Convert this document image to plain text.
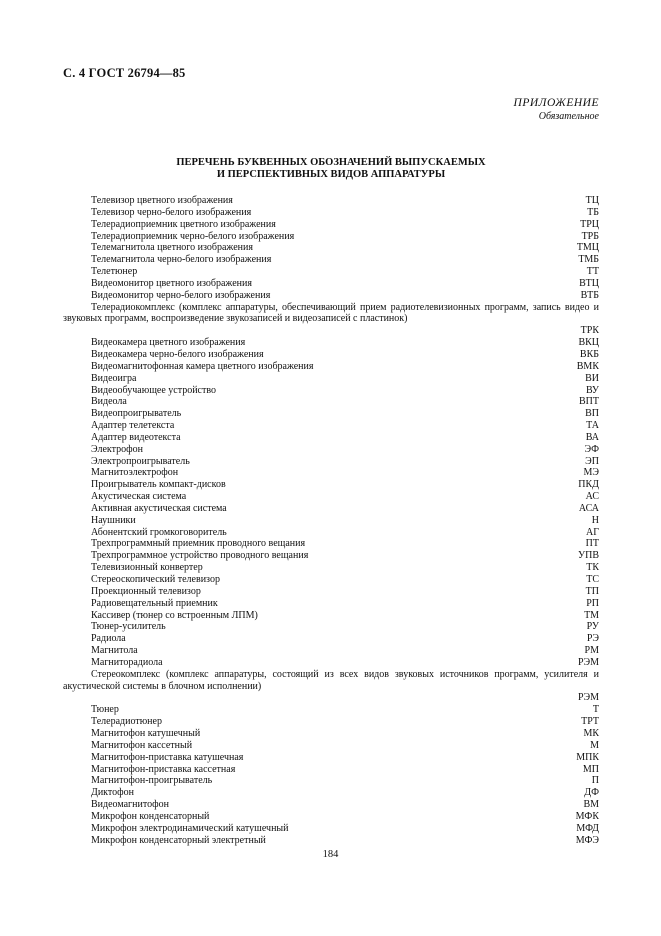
С. 4 ГОСТ 26794—85
ПРИЛОЖЕНИЕ
Обязательное
ПЕРЕЧЕНЬ БУКВЕННЫХ ОБОЗНАЧЕНИЙ ВЫПУСКАЕМЫХ
И ПЕРСПЕКТИВНЫХ ВИДОВ АППАРАТУРЫ
Телевизор цветного изображения	ТЦ
Телевизор черно-белого изображения	ТБ
Телерадиоприемник цветного изображения	ТРЦ
Телерадиоприемник черно-белого изображения	ТРБ
Телемагнитола цветного изображения	ТМЦ
Телемагнитола черно-белого изображения	ТМБ
Телетюнер	ТТ
Видеомонитор цветного изображения	ВТЦ
Видеомонитор черно-белого изображения	ВТБ
Телерадиокомплекс (комплекс аппаратуры, обеспечивающий прием радиотелевизионных программ, запись видео и звуковых программ, воспроизведение звукозаписей и видеозаписей с пластинок)
ТРК
Видеокамера цветного изображения	ВКЦ
Видеокамера черно-белого изображения	ВКБ
Видеомагнитофонная камера цветного изображения	ВМК
Видеоигра	ВИ
Видеообучающее устройство	ВУ
Видеола	ВПТ
Видеопроигрыватель	ВП
Адаптер телетекста	ТА
Адаптер видеотекста	ВА
Электрофон	ЭФ
Электропроигрыватель	ЭП
Магнитоэлектрофон	МЭ
Проигрыватель компакт-дисков	ПКД
Акустическая система	АС
Активная акустическая система	АСА
Наушники	Н
Абонентский громкоговоритель	АГ
Трехпрограммный приемник проводного вещания	ПТ
Трехпрограммное устройство проводного вещания	УПВ
Телевизионный конвертер	ТК
Стереоскопический телевизор	ТС
Проекционный телевизор	ТП
Радиовещательный приемник	РП
Кассивер (тюнер со встроенным ЛПМ)	ТМ
Тюнер-усилитель	РУ
Радиола	РЭ
Магнитола	РМ
Магниторадиола	РЭМ
Стереокомплекс (комплекс аппаратуры, состоящий из всех видов звуковых источников программ, усилителя и акустической системы в блочном исполнении)
РЭМ
Тюнер	Т
Телерадиотюнер	ТРТ
Магнитофон катушечный	МК
Магнитофон кассетный	М
Магнитофон-приставка катушечная	МПК
Магнитофон-приставка кассетная	МП
Магнитофон-проигрыватель	П
Диктофон	ДФ
Видеомагнитофон	ВМ
Микрофон конденсаторный	МФК
Микрофон электродинамический катушечный	МФД
Микрофон конденсаторный электретный	МФЭ
184
